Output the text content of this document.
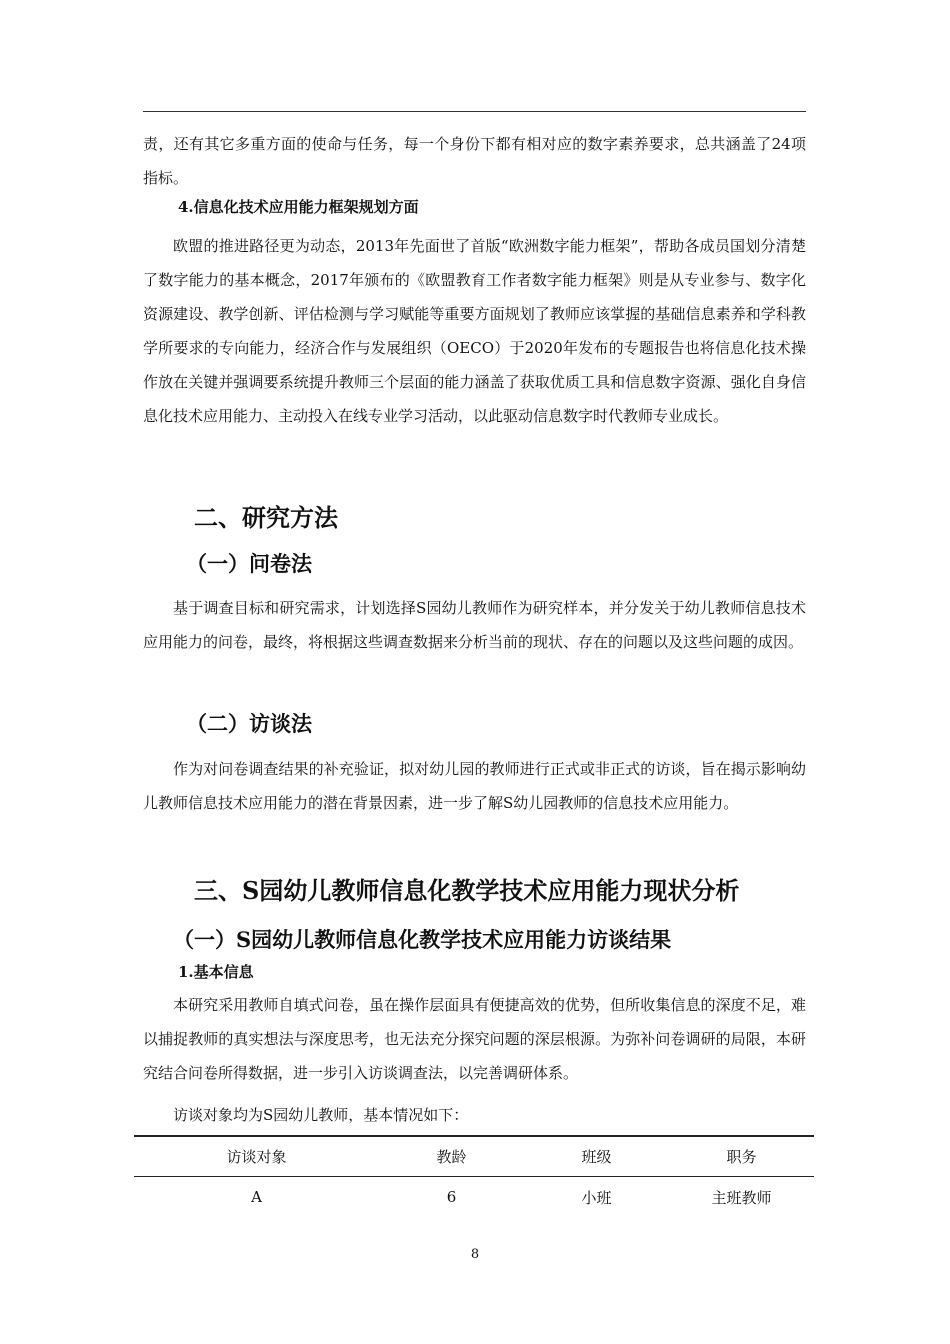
责，还有其它多重方面的使命与任务，每一个身份下都有相对应的数字素养要求，总共涵盖了24项指标。

4.信息化技术应用能力框架规划方面

欧盟的推进路径更为动态，2013年先面世了首版“欧洲数字能力框架”，帮助各成员国划分清楚了数字能力的基本概念，2017年颁布的《欧盟教育工作者数字能力框架》则是从专业参与、数字化资源建设、教学创新、评估检测与学习赋能等重要方面规划了教师应该掌握的基础信息素养和学科教学所要求的专向能力，经济合作与发展组织（OECO）于2020年发布的专题报告也将信息化技术操作放在关键并强调要系统提升教师三个层面的能力涵盖了获取优质工具和信息数字资源、强化自身信息化技术应用能力、主动投入在线专业学习活动，以此驱动信息数字时代教师专业成长。

二、研究方法
（一）问卷法

基于调查目标和研究需求，计划选择S园幼儿教师作为研究样本，并分发关于幼儿教师信息技术应用能力的问卷，最终，将根据这些调查数据来分析当前的现状、存在的问题以及这些问题的成因。

（二）访谈法

作为对问卷调查结果的补充验证，拟对幼儿园的教师进行正式或非正式的访谈，旨在揭示影响幼儿教师信息技术应用能力的潜在背景因素，进一步了解S幼儿园教师的信息技术应用能力。

三、S园幼儿教师信息化教学技术应用能力现状分析
（一）S园幼儿教师信息化教学技术应用能力访谈结果

1.基本信息

本研究采用教师自填式问卷，虽在操作层面具有便捷高效的优势，但所收集信息的深度不足，难以捕捉教师的真实想法与深度思考，也无法充分探究问题的深层根源。为弥补问卷调研的局限，本研究结合问卷所得数据，进一步引入访谈调查法，以完善调研体系。

访谈对象均为S园幼儿教师，基本情况如下：

访谈对象	教龄	班级	职务
A	6	小班	主班教师
8
